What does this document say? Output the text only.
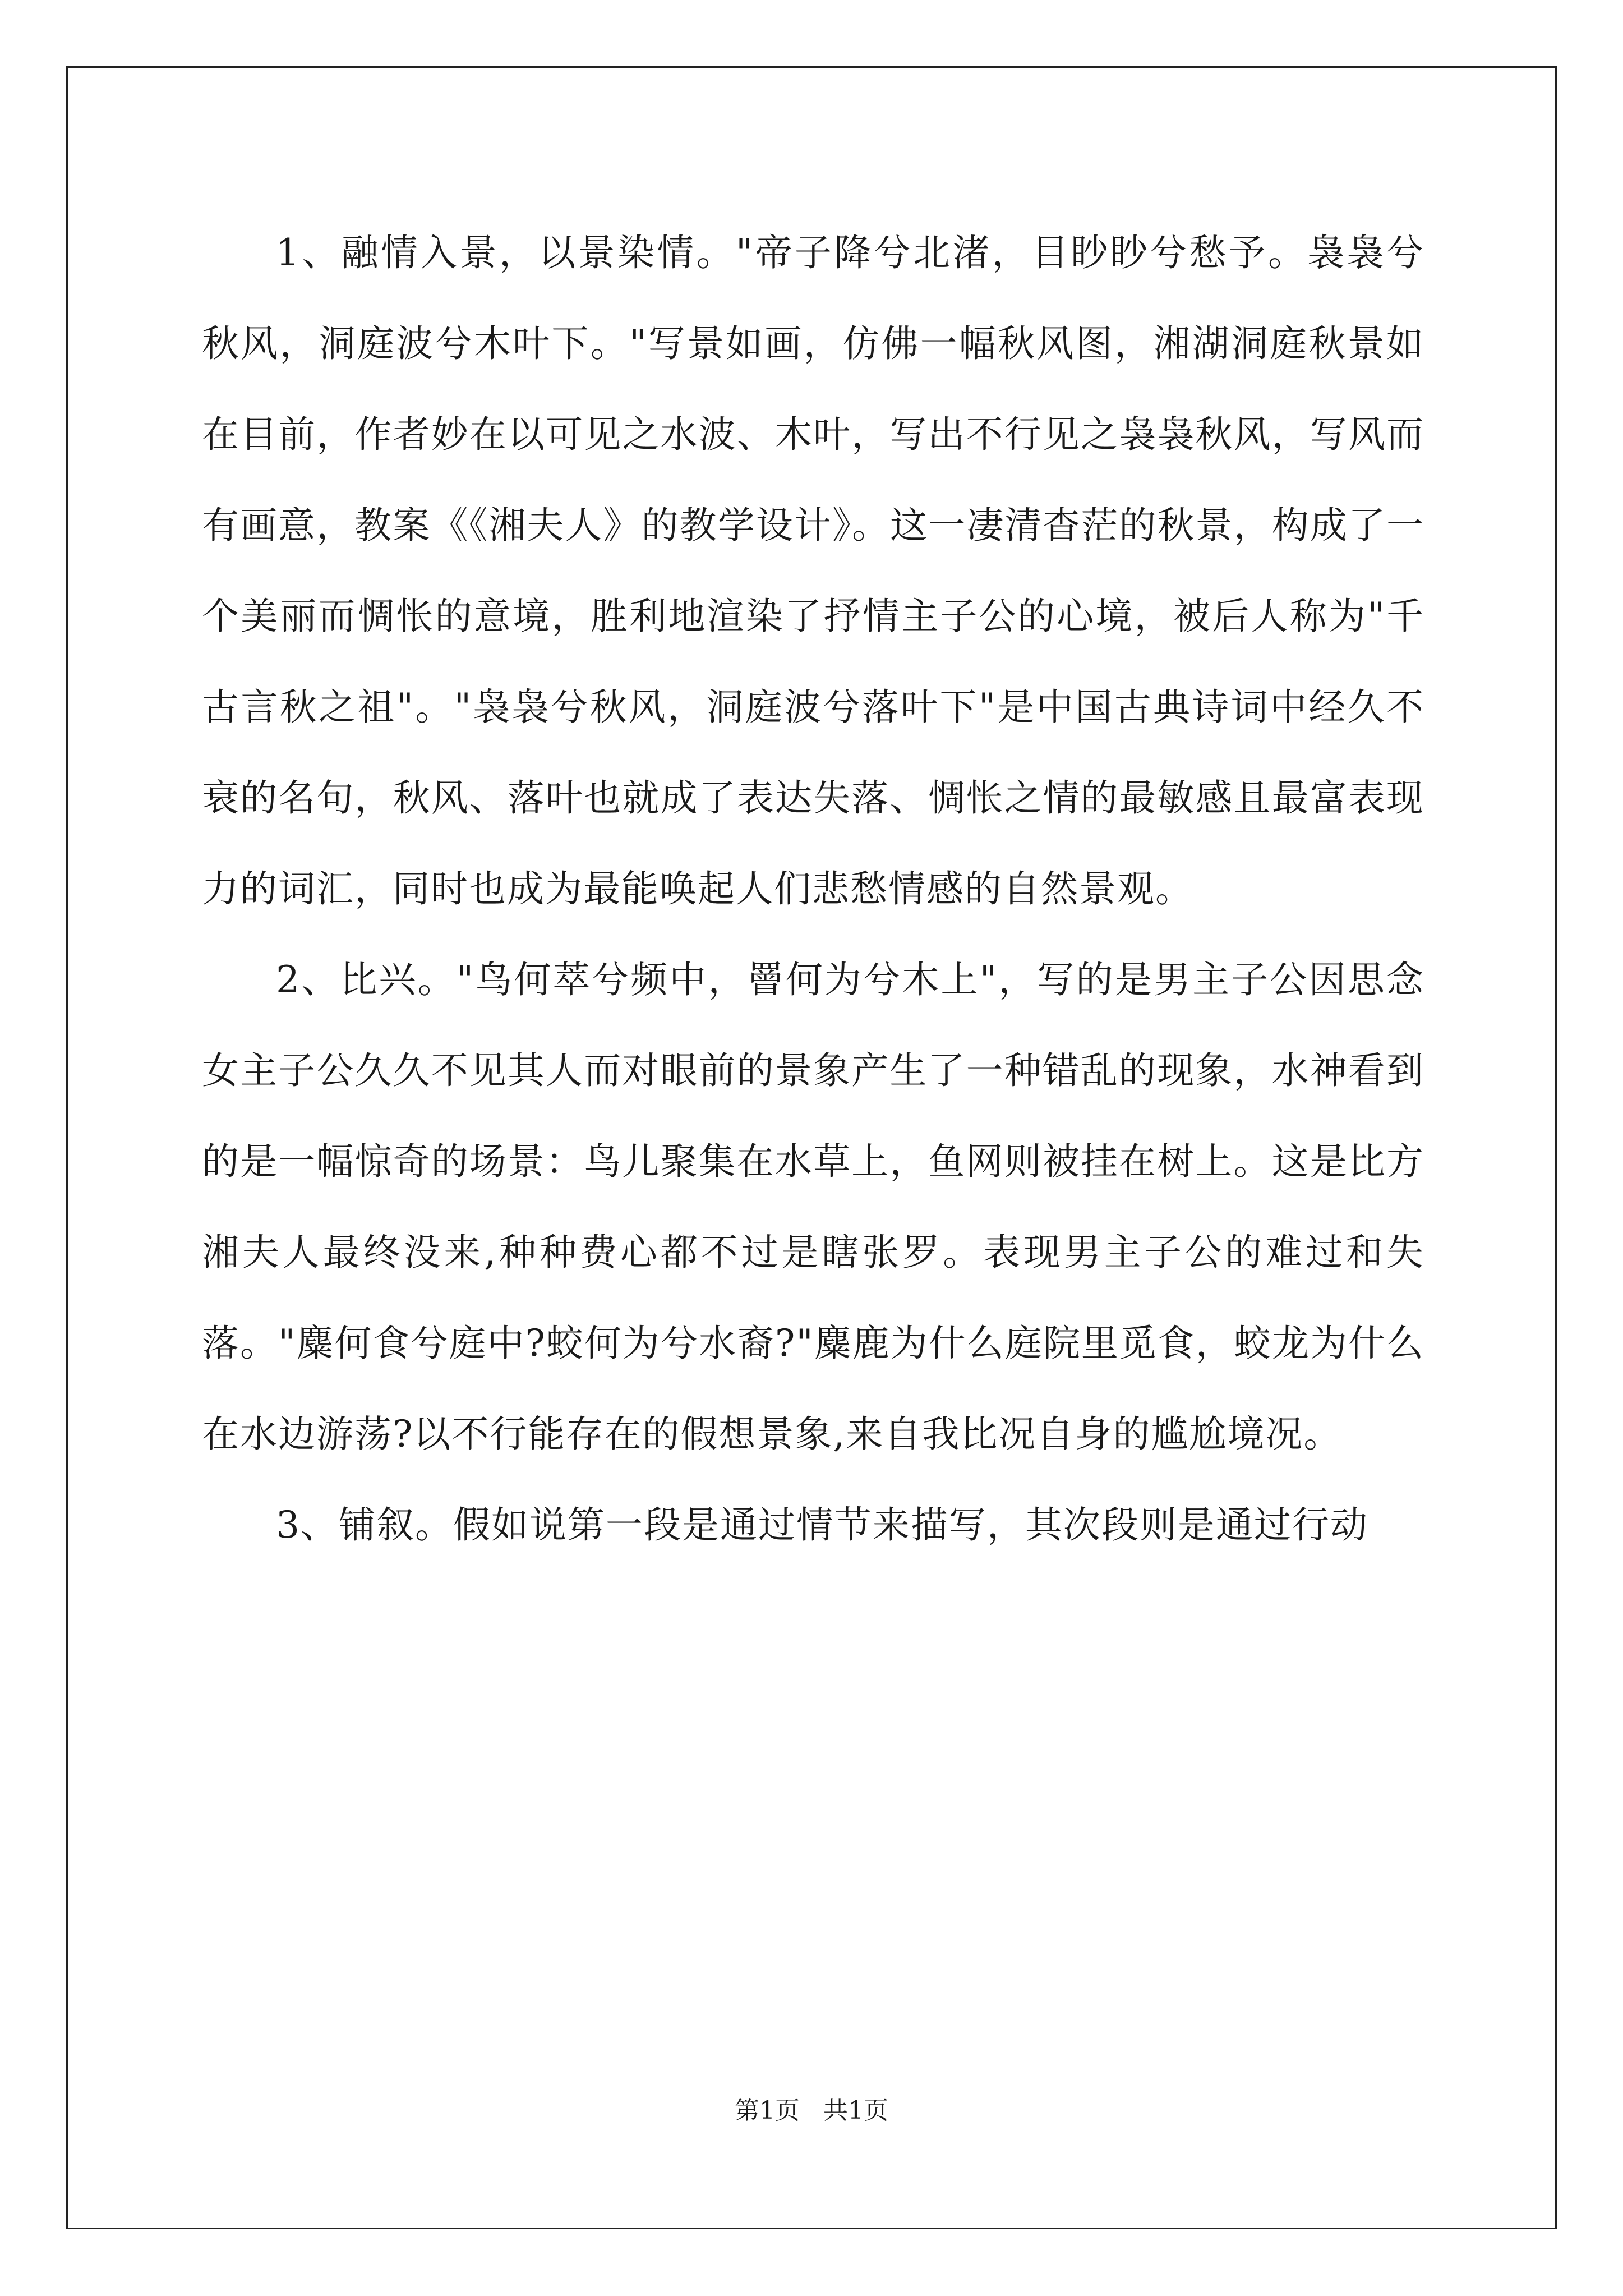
1、融情入景，以景染情。"帝子降兮北渚，目眇眇兮愁予。袅袅兮秋风，洞庭波兮木叶下。"写景如画，仿佛一幅秋风图，湘湖洞庭秋景如在目前，作者妙在以可见之水波、木叶，写出不行见之袅袅秋风，写风而有画意，教案《《湘夫人》的教学设计》。这一凄清杳茫的秋景，构成了一个美丽而惆怅的意境，胜利地渲染了抒情主子公的心境，被后人称为"千古言秋之祖"。"袅袅兮秋风，洞庭波兮落叶下"是中国古典诗词中经久不衰的名句，秋风、落叶也就成了表达失落、惆怅之情的最敏感且最富表现力的词汇，同时也成为最能唤起人们悲愁情感的自然景观。

2、比兴。"鸟何萃兮频中，罾何为兮木上"，写的是男主子公因思念女主子公久久不见其人而对眼前的景象产生了一种错乱的现象，水神看到的是一幅惊奇的场景：鸟儿聚集在水草上，鱼网则被挂在树上。这是比方湘夫人最终没来,种种费心都不过是瞎张罗。表现男主子公的难过和失落。"麋何食兮庭中?蛟何为兮水裔?"麋鹿为什么庭院里觅食，蛟龙为什么在水边游荡?以不行能存在的假想景象,来自我比况自身的尴尬境况。

3、铺叙。假如说第一段是通过情节来描写，其次段则是通过行动

第1页 共1页
